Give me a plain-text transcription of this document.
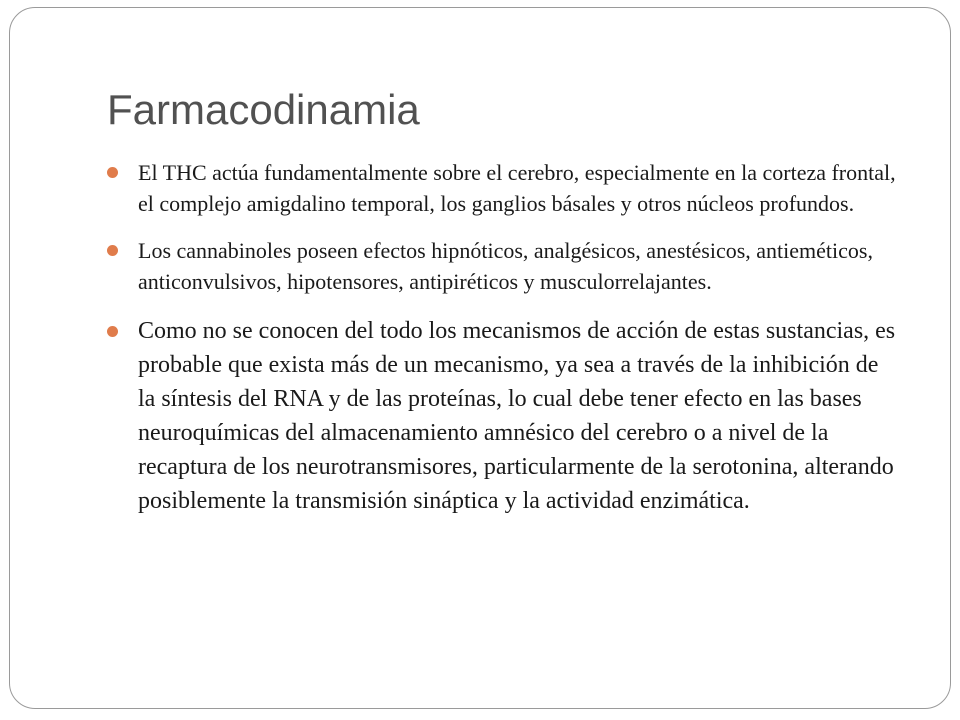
Farmacodinamia
El THC actúa fundamentalmente sobre el cerebro, especialmente en la corteza frontal, el complejo amigdalino temporal, los ganglios básales y otros núcleos profundos.
Los cannabinoles poseen efectos hipnóticos, analgésicos, anestésicos, antieméticos, anticonvulsivos, hipotensores, antipiréticos y musculorrelajantes.
Como no se conocen del todo los mecanismos de acción de estas sustancias, es probable que exista más de un mecanismo, ya sea a través de la inhibición de la síntesis del RNA y de las proteínas, lo cual debe tener efecto en las bases neuroquímicas del almacenamiento amnésico del cerebro o a nivel de la recaptura de los neurotransmisores, particularmente de la serotonina, alterando posiblemente la transmisión sináptica y la actividad enzimática.
